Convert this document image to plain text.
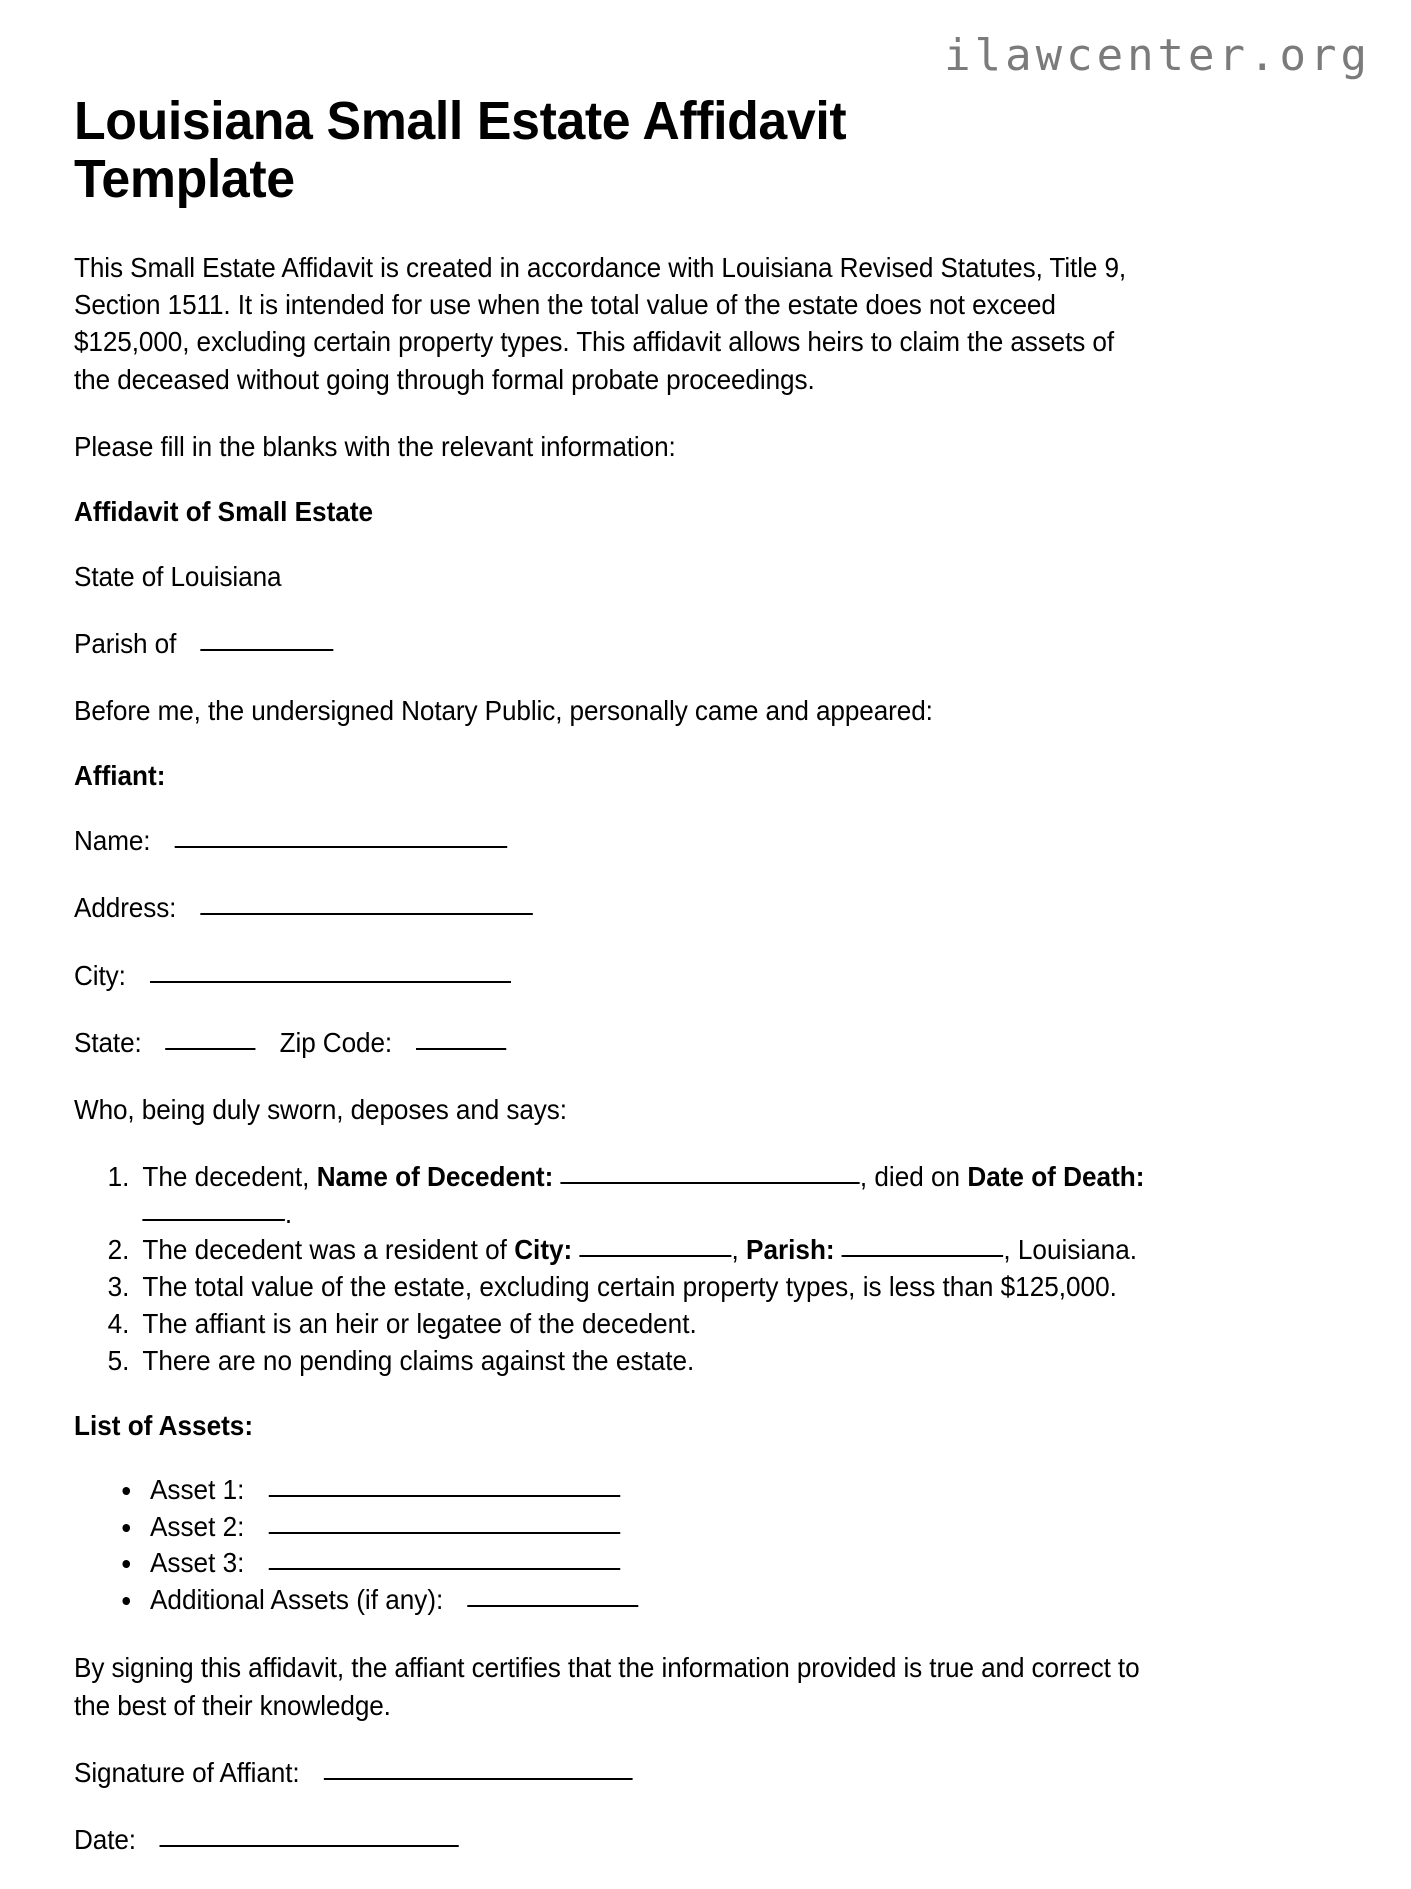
ilawcenter.org
Louisiana Small Estate Affidavit Template

This Small Estate Affidavit is created in accordance with Louisiana Revised Statutes, Title 9, Section 1511. It is intended for use when the total value of the estate does not exceed $125,000, excluding certain property types. This affidavit allows heirs to claim the assets of the deceased without going through formal probate proceedings.

Please fill in the blanks with the relevant information:

Affidavit of Small Estate

State of Louisiana

Parish of

Before me, the undersigned Notary Public, personally came and appeared:

Affiant:
Name:
Address:
City:
State:	Zip Code:

Who, being duly sworn, deposes and says:

1. The decedent, Name of Decedent:	, died on Date of Death: .
2. The decedent was a resident of City:	, Parish:	, Louisiana.
3. The total value of the estate, excluding certain property types, is less than $125,000.
4. The affiant is an heir or legatee of the decedent.
5. There are no pending claims against the estate.
List of Assets:
• Asset 1:
• Asset 2:
• Asset 3:
• Additional Assets (if any):

By signing this affidavit, the affiant certifies that the information provided is true and correct to the best of their knowledge.

Signature of Affiant:
Date:
